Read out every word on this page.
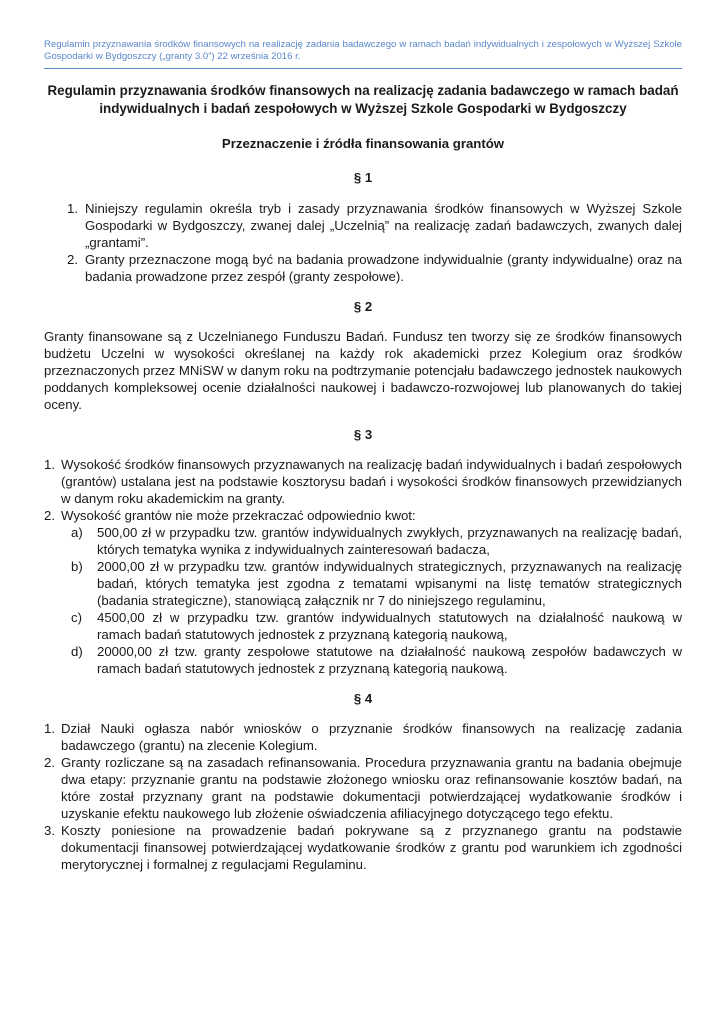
Regulamin przyznawania środków finansowych na realizację zadania badawczego w ramach badań indywidualnych i zespołowych w Wyższej Szkole Gospodarki w Bydgoszczy („granty 3.0”) 22 września 2016 r.
Regulamin przyznawania środków finansowych na realizację zadania badawczego w ramach badań indywidualnych i badań zespołowych w Wyższej Szkole Gospodarki w Bydgoszczy
Przeznaczenie i źródła finansowania grantów
§ 1
1. Niniejszy regulamin określa tryb i zasady przyznawania środków finansowych w Wyższej Szkole Gospodarki w Bydgoszczy, zwanej dalej „Uczelnią” na realizację zadań badawczych, zwanych dalej „grantami”.
2. Granty przeznaczone mogą być na badania prowadzone indywidualnie (granty indywidualne) oraz na badania prowadzone przez zespół (granty zespołowe).
§ 2

Granty finansowane są z Uczelnianego Funduszu Badań. Fundusz ten tworzy się ze środków finansowych budżetu Uczelni w wysokości określanej na każdy rok akademicki przez Kolegium oraz środków przeznaczonych przez MNiSW w danym roku na podtrzymanie potencjału badawczego jednostek naukowych poddanych kompleksowej ocenie działalności naukowej i badawczo-rozwojowej lub planowanych do takiej oceny.

§ 3
1. Wysokość środków finansowych przyznawanych na realizację badań indywidualnych i badań zespołowych (grantów) ustalana jest na podstawie kosztorysu badań i wysokości środków finansowych przewidzianych w danym roku akademickim na granty.
2. Wysokość grantów nie może przekraczać odpowiednio kwot:
a) 500,00 zł w przypadku tzw. grantów indywidualnych zwykłych, przyznawanych na realizację badań, których tematyka wynika z indywidualnych zainteresowań badacza,
b) 2000,00 zł w przypadku tzw. grantów indywidualnych strategicznych, przyznawanych na realizację badań, których tematyka jest zgodna z tematami wpisanymi na listę tematów strategicznych (badania strategiczne), stanowiącą załącznik nr 7 do niniejszego regulaminu,
c) 4500,00 zł w przypadku tzw. grantów indywidualnych statutowych na działalność naukową w ramach badań statutowych jednostek z przyznaną kategorią naukową,
d) 20000,00 zł tzw. granty zespołowe statutowe na działalność naukową zespołów badawczych w ramach badań statutowych jednostek z przyznaną kategorią naukową.
§ 4
1. Dział Nauki ogłasza nabór wniosków o przyznanie środków finansowych na realizację zadania badawczego (grantu) na zlecenie Kolegium.
2. Granty rozliczane są na zasadach refinansowania. Procedura przyznawania grantu na badania obejmuje dwa etapy: przyznanie grantu na podstawie złożonego wniosku oraz refinansowanie kosztów badań, na które został przyznany grant na podstawie dokumentacji potwierdzającej wydatkowanie środków i uzyskanie efektu naukowego lub złożenie oświadczenia afiliacyjnego dotyczącego tego efektu.
3. Koszty poniesione na prowadzenie badań pokrywane są z przyznanego grantu na podstawie dokumentacji finansowej potwierdzającej wydatkowanie środków z grantu pod warunkiem ich zgodności merytorycznej i formalnej z regulacjami Regulaminu.
